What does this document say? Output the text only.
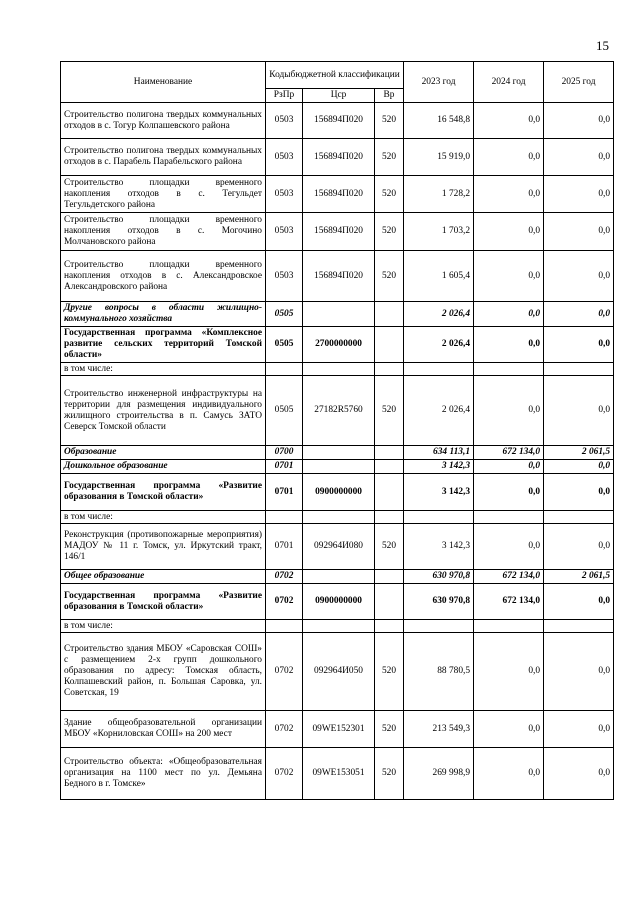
15
Наименование	Кодыбюджетной классификации			2023 год	2024 год	2025 год
	РзПр	Цср	Вр			
Строительство полигона твердых коммунальных отходов в с. Тогур Колпашевского района	0503	156894П020	520	16 548,8	0,0	0,0
Строительство полигона твердых коммунальных отходов в с. Парабель Парабельского района	0503	156894П020	520	15 919,0	0,0	0,0
Строительство площадки временного накопления отходов в с. Тегульдет Тегульдетского района	0503	156894П020	520	1 728,2	0,0	0,0
Строительство площадки временного накопления отходов в с. Могочино Молчановского района	0503	156894П020	520	1 703,2	0,0	0,0
Строительство площадки временного накопления отходов в с. Александровское Александровского района	0503	156894П020	520	1 605,4	0,0	0,0
Другие вопросы в области жилищно-коммунального хозяйства	0505			2 026,4	0,0	0,0
Государственная программа «Комплексное развитие сельских территорий Томской области»	0505	2700000000		2 026,4	0,0	0,0
в том числе:						
Строительство инженерной инфраструктуры на территории для размещения индивидуального жилищного строительства в п. Самусь ЗАТО Северск Томской области	0505	27182R5760	520	2 026,4	0,0	0,0
Образование	0700			634 113,1	672 134,0	2 061,5
Дошкольное образование	0701			3 142,3	0,0	0,0
Государственная программа «Развитие образования в Томской области»	0701	0900000000		3 142,3	0,0	0,0
в том числе:						
Реконструкция (противопожарные мероприятия) МАДОУ № 11 г. Томск, ул. Иркутский тракт, 146/1	0701	092964И080	520	3 142,3	0,0	0,0
Общее образование	0702			630 970,8	672 134,0	2 061,5
Государственная программа «Развитие образования в Томской области»	0702	0900000000		630 970,8	672 134,0	0,0
в том числе:						
Строительство здания МБОУ «Саровская СОШ» с размещением 2-х групп дошкольного образования по адресу: Томская область, Колпашевский район, п. Большая Саровка, ул. Советская, 19	0702	092964И050	520	88 780,5	0,0	0,0
Здание общеобразовательной организации МБОУ «Корниловская СОШ» на 200 мест	0702	09WE152301	520	213 549,3	0,0	0,0
Строительство объекта: «Общеобразовательная организация на 1100 мест по ул. Демьяна Бедного в г. Томске»	0702	09WE153051	520	269 998,9	0,0	0,0
